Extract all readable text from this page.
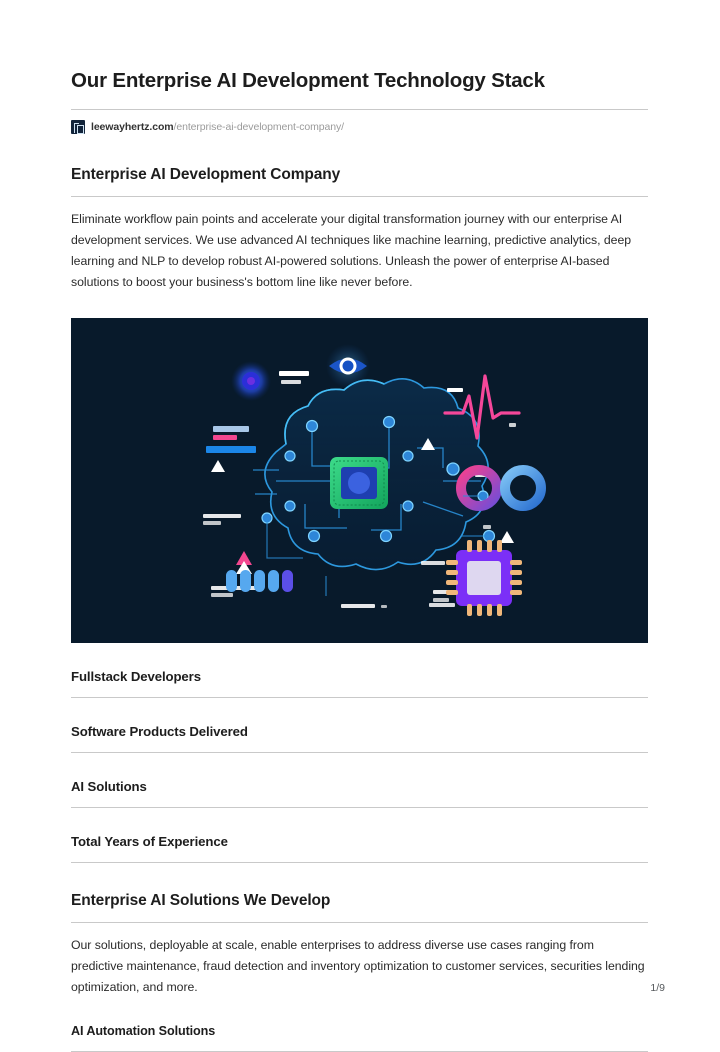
Our Enterprise AI Development Technology Stack
leewayhertz.com /enterprise-ai-development-company/
Enterprise AI Development Company
Eliminate workflow pain points and accelerate your digital transformation journey with our enterprise AI development services. We use advanced AI techniques like machine learning, predictive analytics, deep learning and NLP to develop robust AI-powered solutions. Unleash the power of enterprise AI-based solutions to boost your business's bottom line like never before.
Fullstack Developers
Software Products Delivered
AI Solutions
Total Years of Experience
Enterprise AI Solutions We Develop
Our solutions, deployable at scale, enable enterprises to address diverse use cases ranging from predictive maintenance, fraud detection and inventory optimization to customer services, securities lending optimization, and more.
AI Automation Solutions
1/9
